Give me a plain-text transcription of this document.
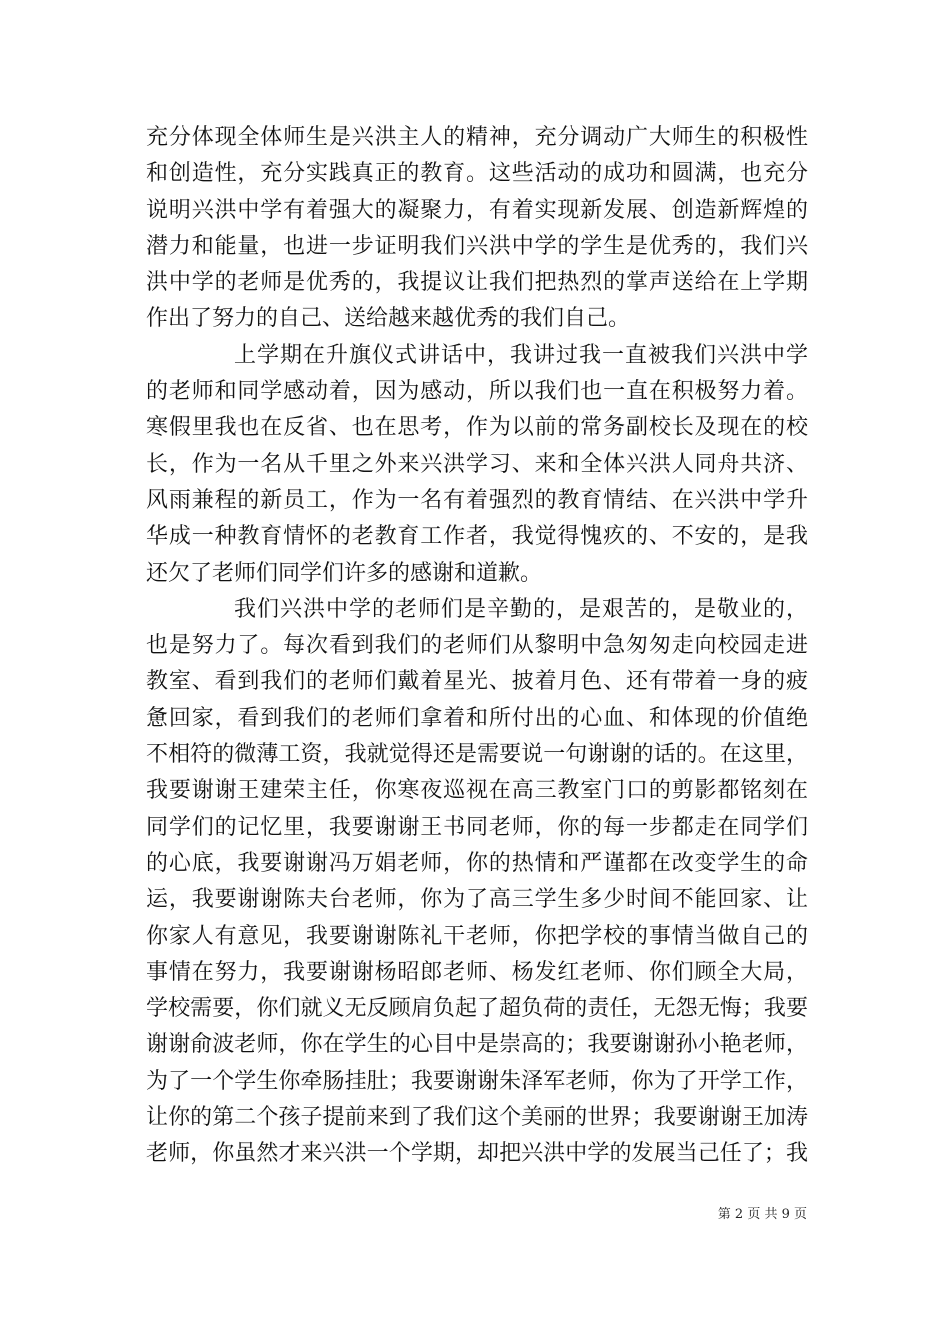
充分体现全体师生是兴洪主人的精神，充分调动广大师生的积极性
和创造性，充分实践真正的教育。这些活动的成功和圆满，也充分
说明兴洪中学有着强大的凝聚力，有着实现新发展、创造新辉煌的
潜力和能量，也进一步证明我们兴洪中学的学生是优秀的，我们兴
洪中学的老师是优秀的，我提议让我们把热烈的掌声送给在上学期
作出了努力的自己、送给越来越优秀的我们自己。
上学期在升旗仪式讲话中，我讲过我一直被我们兴洪中学
的老师和同学感动着，因为感动，所以我们也一直在积极努力着。
寒假里我也在反省、也在思考，作为以前的常务副校长及现在的校
长，作为一名从千里之外来兴洪学习、来和全体兴洪人同舟共济、
风雨兼程的新员工，作为一名有着强烈的教育情结、在兴洪中学升
华成一种教育情怀的老教育工作者，我觉得愧疚的、不安的，是我
还欠了老师们同学们许多的感谢和道歉。
我们兴洪中学的老师们是辛勤的，是艰苦的，是敬业的，
也是努力了。每次看到我们的老师们从黎明中急匆匆走向校园走进
教室、看到我们的老师们戴着星光、披着月色、还有带着一身的疲
惫回家，看到我们的老师们拿着和所付出的心血、和体现的价值绝
不相符的微薄工资，我就觉得还是需要说一句谢谢的话的。在这里，
我要谢谢王建荣主任，你寒夜巡视在高三教室门口的剪影都铭刻在
同学们的记忆里，我要谢谢王书同老师，你的每一步都走在同学们
的心底，我要谢谢冯万娟老师，你的热情和严谨都在改变学生的命
运，我要谢谢陈夫台老师，你为了高三学生多少时间不能回家、让
你家人有意见，我要谢谢陈礼干老师，你把学校的事情当做自己的
事情在努力，我要谢谢杨昭郎老师、杨发红老师、你们顾全大局，
学校需要，你们就义无反顾肩负起了超负荷的责任，无怨无悔；我要
谢谢俞波老师，你在学生的心目中是崇高的；我要谢谢孙小艳老师，
为了一个学生你牵肠挂肚；我要谢谢朱泽军老师，你为了开学工作，
让你的第二个孩子提前来到了我们这个美丽的世界；我要谢谢王加涛
老师，你虽然才来兴洪一个学期，却把兴洪中学的发展当己任了；我
第 2 页 共 9 页
